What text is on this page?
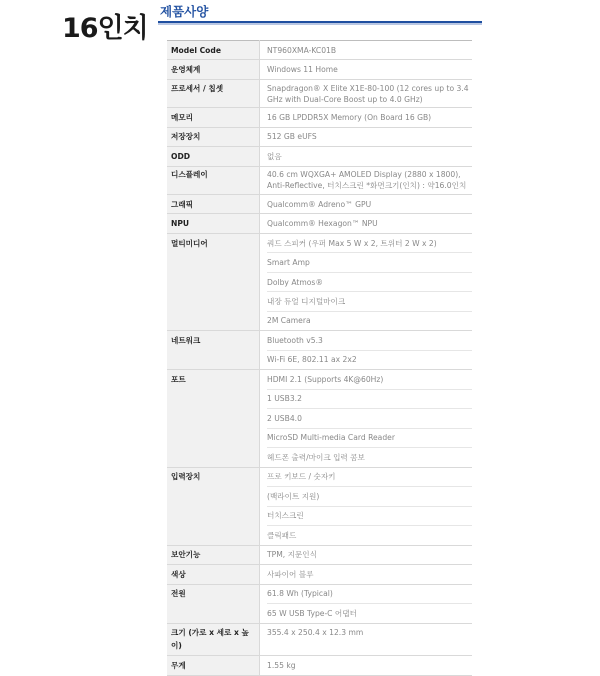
16인치
제품사양
Model Code	NT960XMA-KC01B

운영체계	Windows 11 Home

프로세서 / 칩셋	Snapdragon® X Elite X1E-80-100 (12 cores up to 3.4 GHz with Dual-Core Boost up to 4.0 GHz)

메모리	16 GB LPDDR5X Memory (On Board 16 GB)

저장장치	512 GB eUFS

ODD	없음

디스플레이	40.6 cm WQXGA+ AMOLED Display (2880 x 1800), Anti-Reflective, 터치스크린 *화면크기(인치) : 약16.0인치

그래픽	Qualcomm® Adreno™ GPU

NPU	Qualcomm® Hexagon™ NPU

멀티미디어	쿼드 스피커 (우퍼 Max 5 W x 2, 트위터 2 W x 2)
Smart Amp
Dolby Atmos®
내장 듀얼 디지털마이크
2M Camera

네트워크	Bluetooth v5.3
Wi-Fi 6E, 802.11 ax 2x2

포트	HDMI 2.1 (Supports 4K@60Hz)
1 USB3.2
2 USB4.0
MicroSD Multi-media Card Reader
헤드폰 출력/마이크 입력 콤보

입력장치	프로 키보드 / 숫자키
(백라이트 지원)
터치스크린
클릭패드

보안기능	TPM, 지문인식

색상	사파이어 블루

전원	61.8 Wh (Typical)
65 W USB Type-C 어댑터

크기 (가로 x 세로 x 높이)	355.4 x 250.4 x 12.3 mm

무게	1.55 kg
